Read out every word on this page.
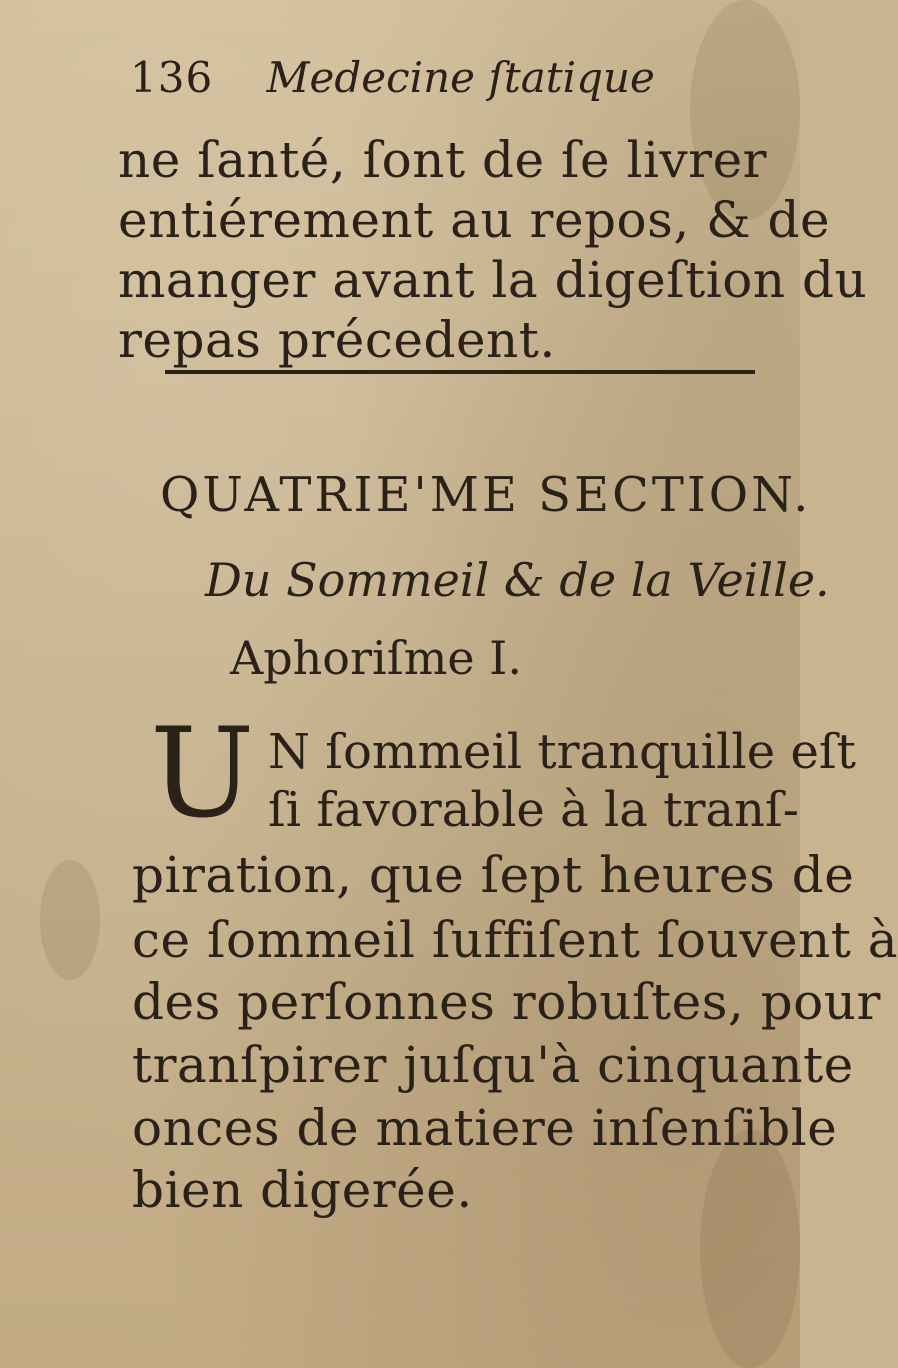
136 Medecine ſtatique
ne ſanté, ſont de ſe livrer
entiérement au repos, & de
manger avant la digeſtion du
repas précedent.
QUATRIE'ME SECTION.
Du Sommeil & de la Veille.
Aphoriſme I.
U N ſommeil tranquille eſt
ſi favorable à la tranſ-
piration, que ſept heures de
ce ſommeil ſuffiſent ſouvent à
des perſonnes robuſtes, pour
tranſpirer juſqu'à cinquante
onces de matiere inſenſible
bien digerée.
